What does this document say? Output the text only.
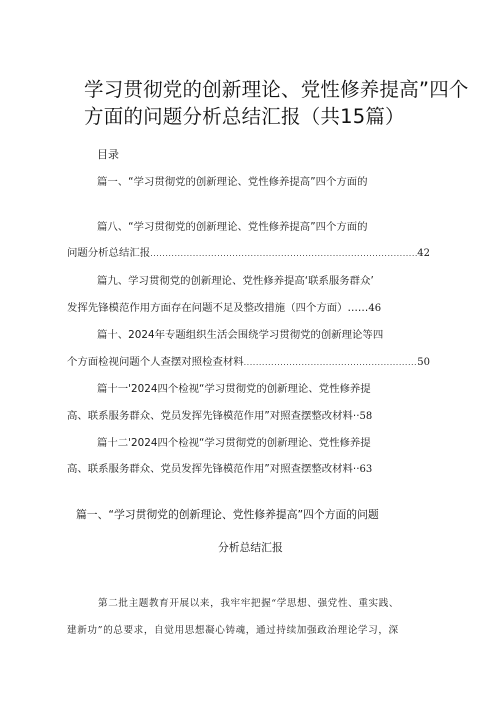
学习贯彻党的创新理论、党性修养提高”四个
方面的问题分析总结汇报（共15篇）
目录
篇一、“学习贯彻党的创新理论、党性修养提高”四个方面的
篇八、“学习贯彻党的创新理论、党性修养提高”四个方面的
问题分析总结汇报 .....	42
篇九、学习贯彻党的创新理论、党性修养提高‘联系服务群众’
发挥先锋模范作用方面存在问题不足及整改措施（四个方面）…… 46
篇十、2024年专题组织生活会围绕学习贯彻党的创新理论等四
个方面检视问题个人查摆对照检查材料 .....	50
篇十一'2024四个检视“学习贯彻党的创新理论、党性修养提
高、联系服务群众、党员发挥先锋模范作用”对照查摆整改材料·· 58
篇十二'2024四个检视“学习贯彻党的创新理论、党性修养提
高、联系服务群众、党员发挥先锋模范作用”对照查摆整改材料·· 63
篇一、“学习贯彻党的创新理论、党性修养提高”四个方面的问题
分析总结汇报
第二批主题教育开展以来，我牢牢把握“学思想、强党性、重实践、
建新功”的总要求，自觉用思想凝心铸魂，通过持续加强政治理论学习，深
